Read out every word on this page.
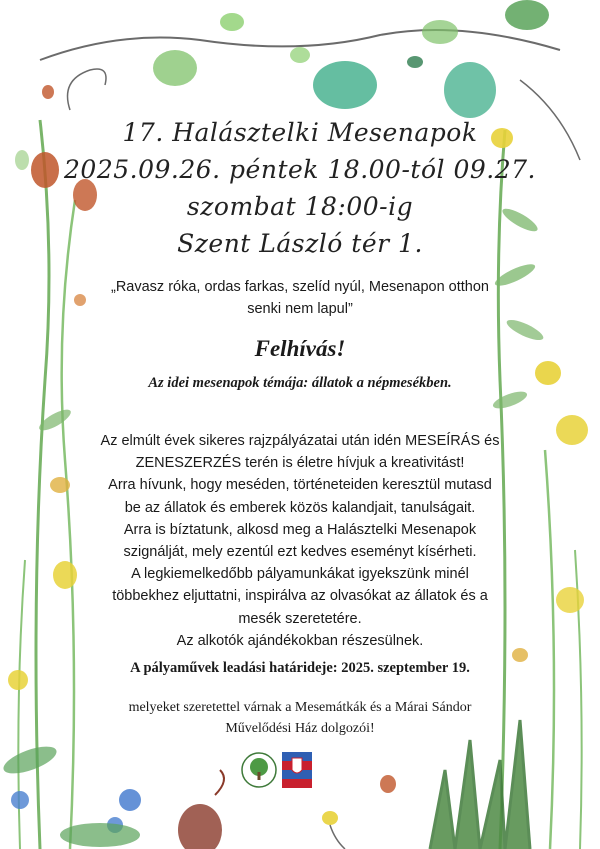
17. Halásztelki Mesenapok
2025.09.26. péntek 18.00-tól 09.27.
szombat 18:00-ig
Szent László tér 1.
„Ravasz róka, ordas farkas, szelíd nyúl, Mesenapon otthon
senki nem lapul”
Felhívás!
Az idei mesenapok témája: állatok a népmesékben.
Az elmúlt évek sikeres rajzpályázatai után idén MESEÍRÁS és
ZENESZERZÉS terén is életre hívjuk a kreativitást!
Arra hívunk, hogy meséden, történeteiden keresztül mutasd
be az állatok és emberek közös kalandjait, tanulságait.
Arra is bíztatunk, alkosd meg a Halásztelki Mesenapok
szignálját, mely ezentúl ezt kedves eseményt kísérheti.
A legkiemelkedőbb pályamunkákat igyekszünk minél
többekhez eljuttatni, inspirálva az olvasókat az állatok és a
mesék szeretetére.
Az alkotók ajándékokban részesülnek.
A pályaművek leadási határideje: 2025. szeptember 19.
melyeket szeretettel várnak a Mesemátkák és a Márai Sándor
Művelődési Ház dolgozói!
